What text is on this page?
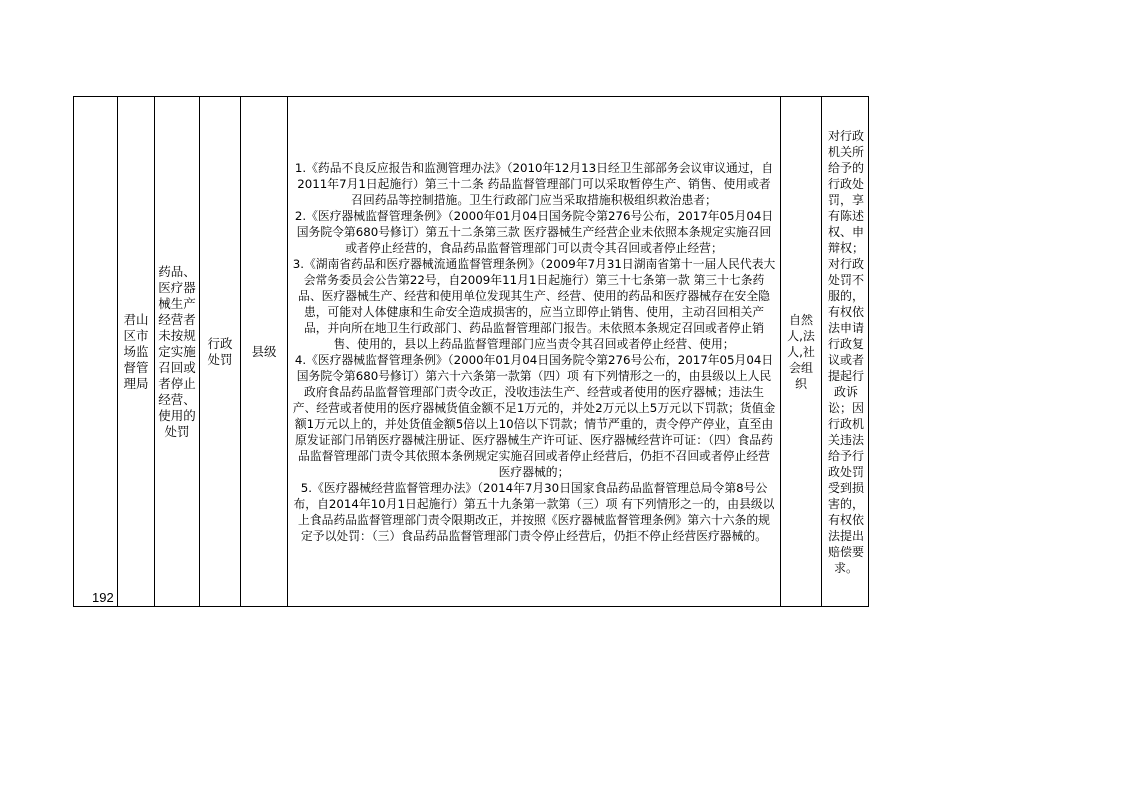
192
君山区市场监督管理局
药品、医疗器械生产经营者未按规定实施召回或者停止经营、使用的处罚
行政处罚
县级
1.《药品不良反应报告和监测管理办法》（2010年12月13日经卫生部部务会议审议通过，自2011年7月1日起施行）第三十二条 药品监督管理部门可以采取暂停生产、销售、使用或者召回药品等控制措施。卫生行政部门应当采取措施积极组织救治患者；
2.《医疗器械监督管理条例》（2000年01月04日国务院令第276号公布，2017年05月04日国务院令第680号修订）第五十二条第三款 医疗器械生产经营企业未依照本条规定实施召回或者停止经营的，食品药品监督管理部门可以责令其召回或者停止经营；
3.《湖南省药品和医疗器械流通监督管理条例》（2009年7月31日湖南省第十一届人民代表大会常务委员会公告第22号，自2009年11月1日起施行）第三十七条第一款 第三十七条药品、医疗器械生产、经营和使用单位发现其生产、经营、使用的药品和医疗器械存在安全隐患，可能对人体健康和生命安全造成损害的，应当立即停止销售、使用，主动召回相关产品，并向所在地卫生行政部门、药品监督管理部门报告。未依照本条规定召回或者停止销售、使用的，县以上药品监督管理部门应当责令其召回或者停止经营、使用；
4.《医疗器械监督管理条例》（2000年01月04日国务院令第276号公布，2017年05月04日国务院令第680号修订）第六十六条第一款第（四）项 有下列情形之一的，由县级以上人民政府食品药品监督管理部门责令改正，没收违法生产、经营或者使用的医疗器械；违法生产、经营或者使用的医疗器械货值金额不足1万元的，并处2万元以上5万元以下罚款；货值金额1万元以上的，并处货值金额5倍以上10倍以下罚款；情节严重的，责令停产停业，直至由原发证部门吊销医疗器械注册证、医疗器械生产许可证、医疗器械经营许可证：（四）食品药品监督管理部门责令其依照本条例规定实施召回或者停止经营后，仍拒不召回或者停止经营医疗器械的；
5.《医疗器械经营监督管理办法》（2014年7月30日国家食品药品监督管理总局令第8号公布，自2014年10月1日起施行）第五十九条第一款第（三）项 有下列情形之一的，由县级以上食品药品监督管理部门责令限期改正，并按照《医疗器械监督管理条例》第六十六条的规定予以处罚：（三）食品药品监督管理部门责令停止经营后，仍拒不停止经营医疗器械的。
自然人,法人,社会组织
对行政机关所给予的行政处罚，享有陈述权、申辩权；对行政处罚不服的，有权依法申请行政复议或者提起行政诉讼；因行政机关违法给予行政处罚受到损害的，有权依法提出赔偿要求。
